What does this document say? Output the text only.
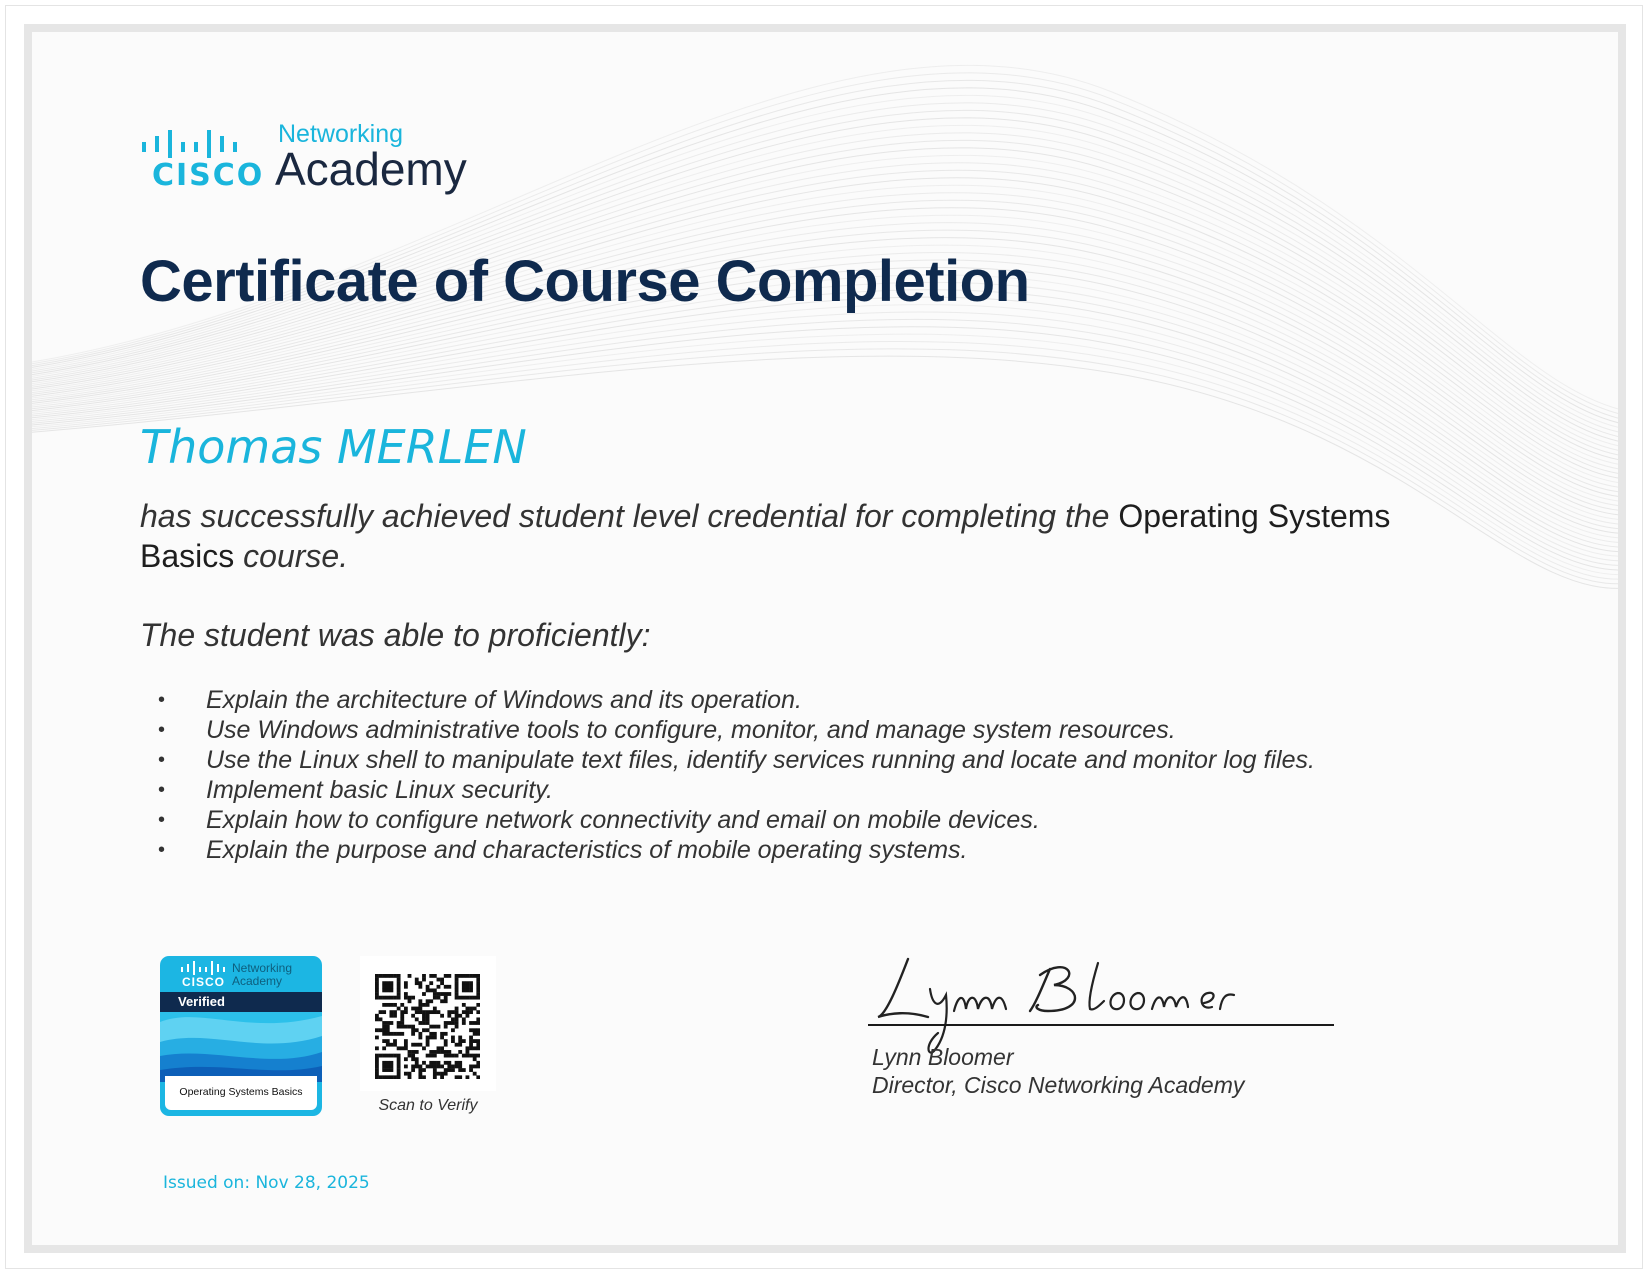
CISCO
Networking
Academy
Certificate of Course Completion
Thomas MERLEN
has successfully achieved student level credential for completing the Operating Systems Basics course.
The student was able to proficiently:
• Explain the architecture of Windows and its operation.
• Use Windows administrative tools to configure, monitor, and manage system resources.
• Use the Linux shell to manipulate text files, identify services running and locate and monitor log files.
• Implement basic Linux security.
• Explain how to configure network connectivity and email on mobile devices.
• Explain the purpose and characteristics of mobile operating systems.
CISCO
Networking
Academy
Verified
Operating Systems Basics
Scan to Verify
Lynn Bloomer
Director, Cisco Networking Academy
Issued on: Nov 28, 2025
